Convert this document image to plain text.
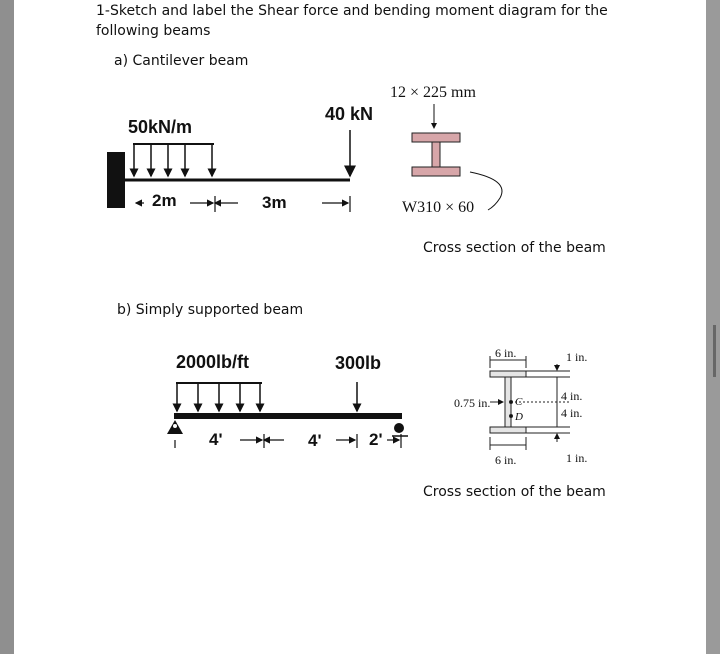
1-Sketch and label the Shear force and bending moment diagram for the
following beams
a) Cantilever beam
50kN/m
40 kN
2m	3m
12 × 225 mm
W310 × 60
Cross section of the beam
b) Simply supported beam
2000lb/ft	300lb
4'	4'	2'
6 in.	1 in.
0.75 in. C
D
4 in.
4 in.
6 in.	1 in.
Cross section of the beam
